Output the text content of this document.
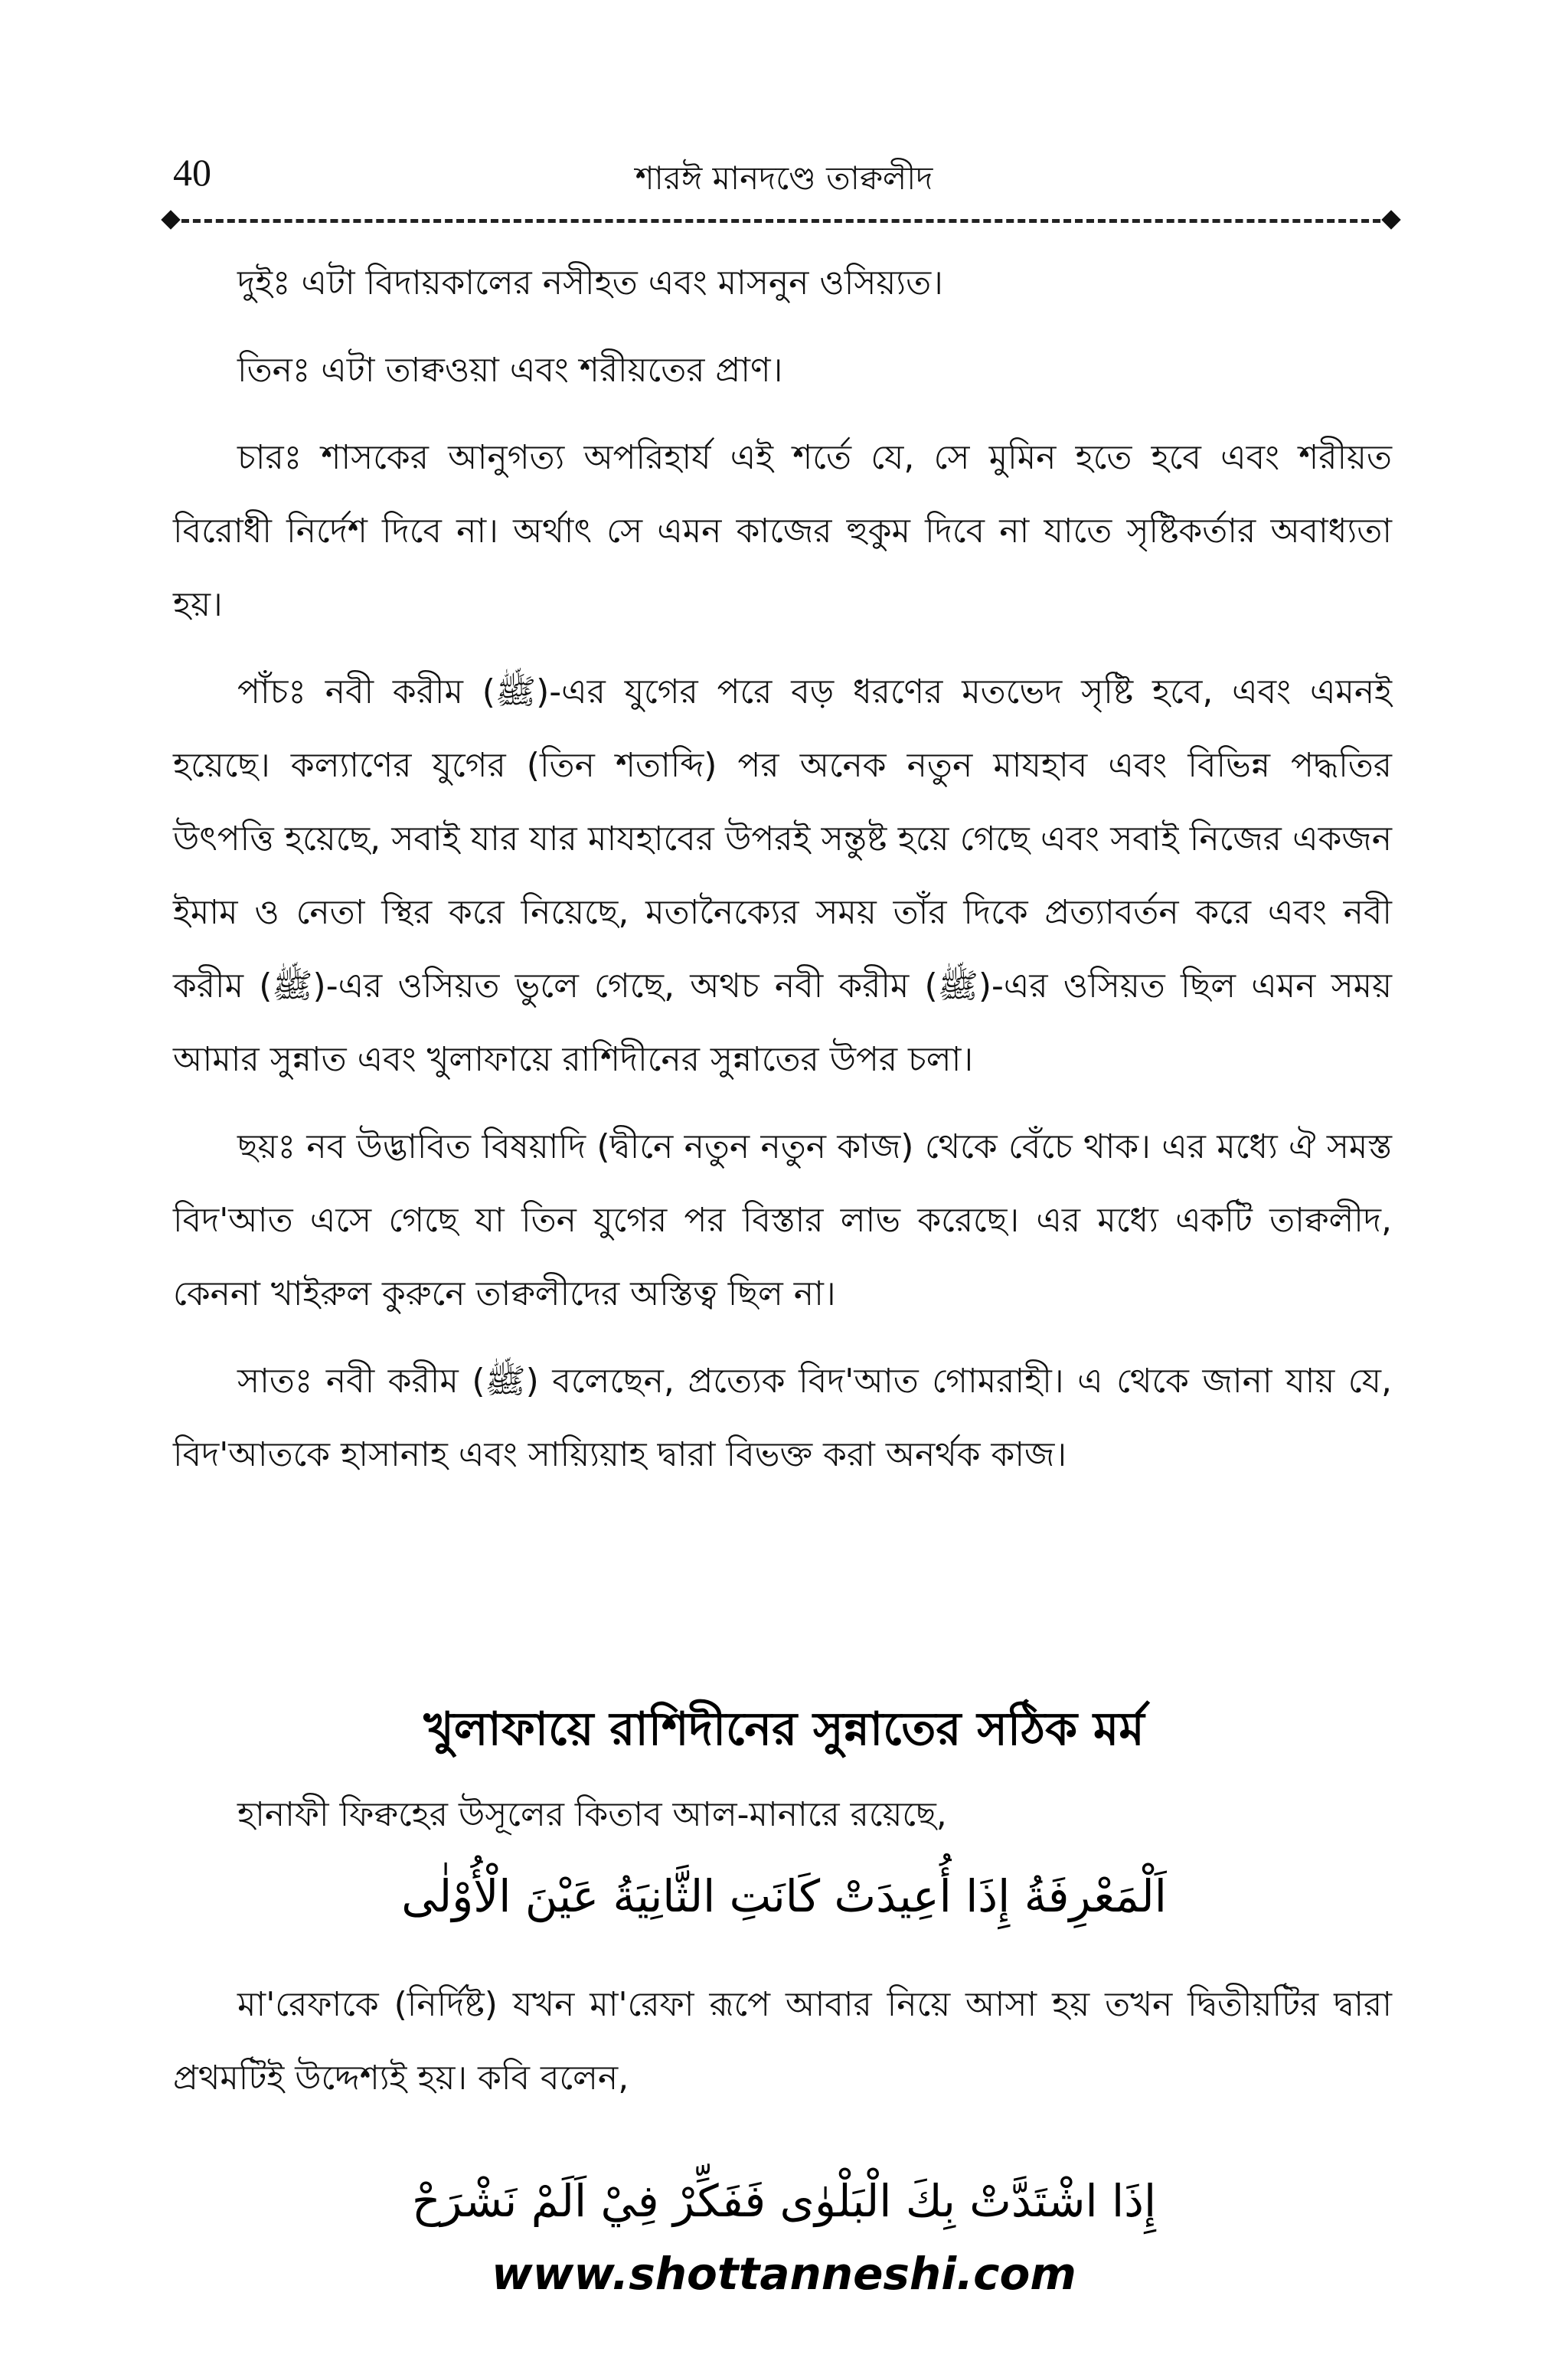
40	শারঈ মানদণ্ডে তাক্বলীদ

দুইঃ এটা বিদায়কালের নসীহত এবং মাসনুন ওসিয়্যত।

তিনঃ এটা তাক্বওয়া এবং শরীয়তের প্রাণ।

চারঃ শাসকের আনুগত্য অপরিহার্য এই শর্তে যে, সে মুমিন হতে হবে এবং শরীয়ত বিরোধী নির্দেশ দিবে না। অর্থাৎ সে এমন কাজের হুকুম দিবে না যাতে সৃষ্টিকর্তার অবাধ্যতা হয়।

পাঁচঃ নবী করীম (ﷺ)-এর যুগের পরে বড় ধরণের মতভেদ সৃষ্টি হবে, এবং এমনই হয়েছে। কল্যাণের যুগের (তিন শতাব্দি) পর অনেক নতুন মাযহাব এবং বিভিন্ন পদ্ধতির উৎপত্তি হয়েছে, সবাই যার যার মাযহাবের উপরই সন্তুষ্ট হয়ে গেছে এবং সবাই নিজের একজন ইমাম ও নেতা স্থির করে নিয়েছে, মতানৈক্যের সময় তাঁর দিকে প্রত্যাবর্তন করে এবং নবী করীম (ﷺ)-এর ওসিয়ত ভুলে গেছে, অথচ নবী করীম (ﷺ)-এর ওসিয়ত ছিল এমন সময় আমার সুন্নাত এবং খুলাফায়ে রাশিদীনের সুন্নাতের উপর চলা।

ছয়ঃ নব উদ্ভাবিত বিষয়াদি (দ্বীনে নতুন নতুন কাজ) থেকে বেঁচে থাক। এর মধ্যে ঐ সমস্ত বিদ'আত এসে গেছে যা তিন যুগের পর বিস্তার লাভ করেছে। এর মধ্যে একটি তাক্বলীদ, কেননা খাইরুল কুরুনে তাক্বলীদের অস্তিত্ব ছিল না।

সাতঃ নবী করীম (ﷺ) বলেছেন, প্রত্যেক বিদ'আত গোমরাহী। এ থেকে জানা যায় যে, বিদ'আতকে হাসানাহ এবং সায়্যিয়াহ দ্বারা বিভক্ত করা অনর্থক কাজ।

খুলাফায়ে রাশিদীনের সুন্নাতের সঠিক মর্ম

হানাফী ফিক্বহের উসূলের কিতাব আল-মানারে রয়েছে,

اَلْمَعْرِفَةُ إِذَا أُعِيدَتْ كَانَتِ الثَّانِيَةُ عَيْنَ الْأُوْلٰى

মা'রেফাকে (নির্দিষ্ট) যখন মা'রেফা রূপে আবার নিয়ে আসা হয় তখন দ্বিতীয়টির দ্বারা প্রথমটিই উদ্দেশ্যই হয়। কবি বলেন,

إِذَا اشْتَدَّتْ بِكَ الْبَلْوٰى فَفَكِّرْ فِيْ اَلَمْ نَشْرَحْ
www.shottanneshi.com
